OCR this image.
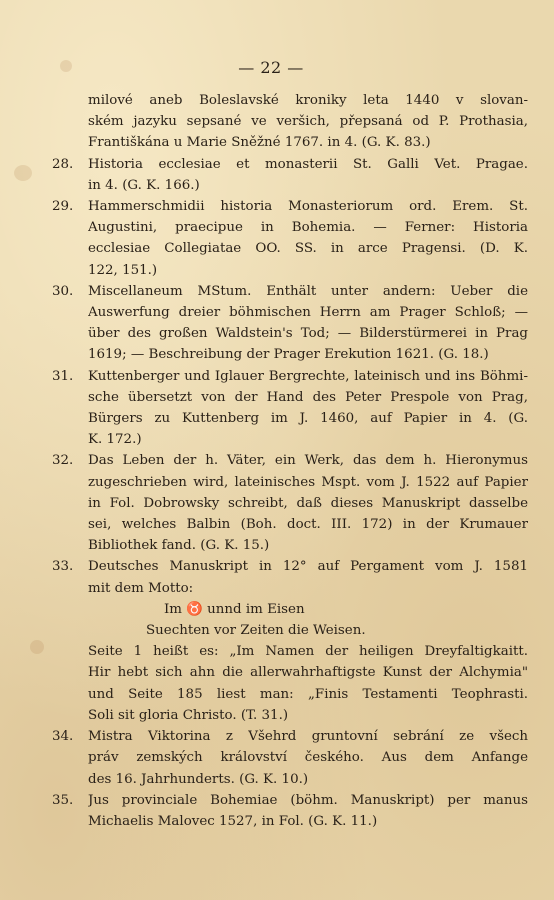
— 22 —
milové aneb Boleslavské kroniky leta 1440 v slovan-
ském jazyku sepsané ve veršich, přepsaná od P. Prothasia,
Františkána u Marie Sněžné 1767. in 4. (G. K. 83.)
28.	Historia ecclesiae et monasterii St. Galli Vet. Pragae.
in 4. (G. K. 166.)
29.	Hammerschmidii historia Monasteriorum ord. Erem. St.
Augustini, praecipue in Bohemia. — Ferner: Historia
ecclesiae Collegiatae OO. SS. in arce Pragensi. (D. K.
122, 151.)
30.	Miscellaneum MStum. Enthält unter andern: Ueber die
Auswerfung dreier böhmischen Herrn am Prager Schloß; —
über des großen Waldstein's Tod; — Bilderstürmerei in Prag
1619; — Beschreibung der Prager Erekution 1621. (G. 18.)
31.	Kuttenberger und Iglauer Bergrechte, lateinisch und ins Böhmi-
sche übersetzt von der Hand des Peter Prespole von Prag,
Bürgers zu Kuttenberg im J. 1460, auf Papier in 4. (G.
K. 172.)
32.	Das Leben der h. Väter, ein Werk, das dem h. Hieronymus
zugeschrieben wird, lateinisches Mspt. vom J. 1522 auf Papier
in Fol. Dobrowsky schreibt, daß dieses Manuskript dasselbe
sei, welches Balbin (Boh. doct. III. 172) in der Krumauer
Bibliothek fand. (G. K. 15.)
33.	Deutsches Manuskript in 12° auf Pergament vom J. 1581
mit dem Motto:
Im ♉ unnd im Eisen
Suechten vor Zeiten die Weisen.
Seite 1 heißt es: „Im Namen der heiligen Dreyfaltigkaitt.
Hir hebt sich ahn die allerwahrhaftigste Kunst der Alchymia"
und Seite 185 liest man: „Finis Testamenti Teophrasti.
Soli sit gloria Christo. (T. 31.)
34.	Mistra Viktorina z Všehrd gruntovní sebrání ze všech
práv zemských království českého. Aus dem Anfange
des 16. Jahrhunderts. (G. K. 10.)
35.	Jus provinciale Bohemiae (böhm. Manuskript) per manus
Michaelis Malovec 1527, in Fol. (G. K. 11.)
